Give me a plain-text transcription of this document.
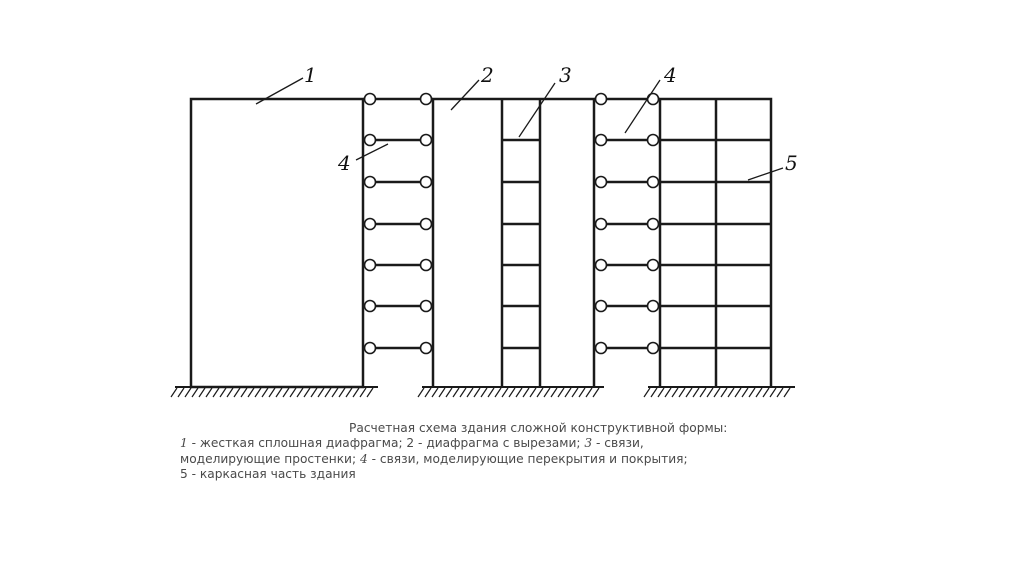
1	2	3
4
4
5
Расчетная схема здания сложной конструктивной формы:
1 - жесткая сплошная диафрагма; 2 - диафрагма с вырезами; 3 - связи,
моделирующие простенки; 4 - связи, моделирующие перекрытия и покрытия;
5 - каркасная часть здания
